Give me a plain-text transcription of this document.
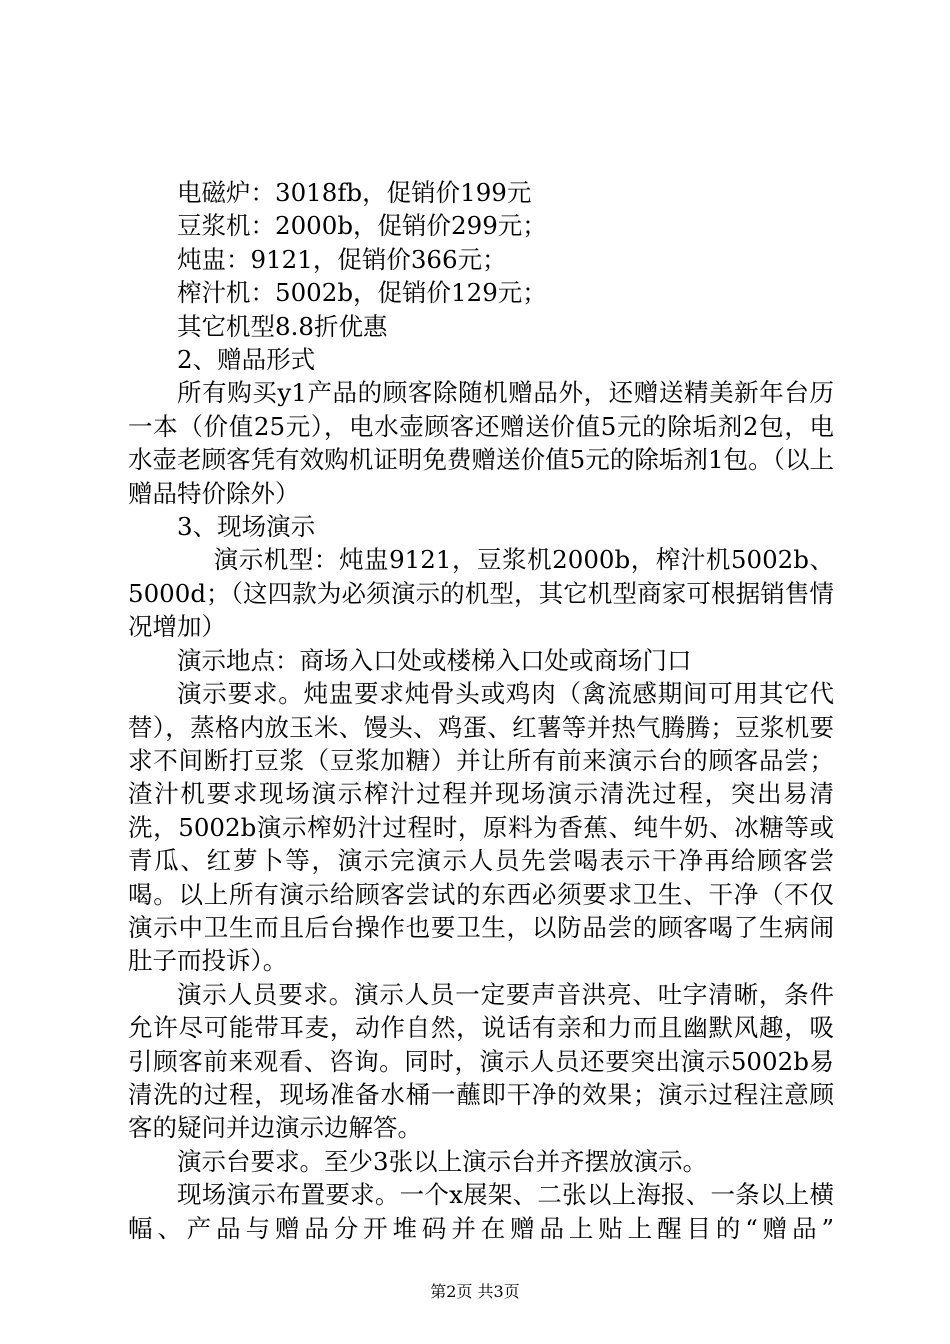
电磁炉：3018fb，促销价199元

豆浆机：2000b，促销价299元；

炖盅：9121，促销价366元；

榨汁机：5002b，促销价129元；

其它机型8.8折优惠

2、赠品形式

所有购买y1产品的顾客除随机赠品外，还赠送精美新年台历一本（价值25元），电水壶顾客还赠送价值5元的除垢剂2包，电水壶老顾客凭有效购机证明免费赠送价值5元的除垢剂1包。（以上赠品特价除外）

3、现场演示

演示机型：炖盅9121，豆浆机2000b，榨汁机5002b、5000d；（这四款为必须演示的机型，其它机型商家可根据销售情况增加）

演示地点：商场入口处或楼梯入口处或商场门口

演示要求。炖盅要求炖骨头或鸡肉（禽流感期间可用其它代替），蒸格内放玉米、馒头、鸡蛋、红薯等并热气腾腾；豆浆机要求不间断打豆浆（豆浆加糖）并让所有前来演示台的顾客品尝；渣汁机要求现场演示榨汁过程并现场演示清洗过程，突出易清洗，5002b演示榨奶汁过程时，原料为香蕉、纯牛奶、冰糖等或青瓜、红萝卜等，演示完演示人员先尝喝表示干净再给顾客尝喝。以上所有演示给顾客尝试的东西必须要求卫生、干净（不仅演示中卫生而且后台操作也要卫生，以防品尝的顾客喝了生病闹肚子而投诉）。

演示人员要求。演示人员一定要声音洪亮、吐字清晰，条件允许尽可能带耳麦，动作自然，说话有亲和力而且幽默风趣，吸引顾客前来观看、咨询。同时，演示人员还要突出演示5002b易清洗的过程，现场准备水桶一蘸即干净的效果；演示过程注意顾客的疑问并边演示边解答。

演示台要求。至少3张以上演示台并齐摆放演示。

现场演示布置要求。一个x展架、二张以上海报、一条以上横幅、产品与赠品分开堆码并在赠品上贴上醒目的“赠品”

第2页 共3页
